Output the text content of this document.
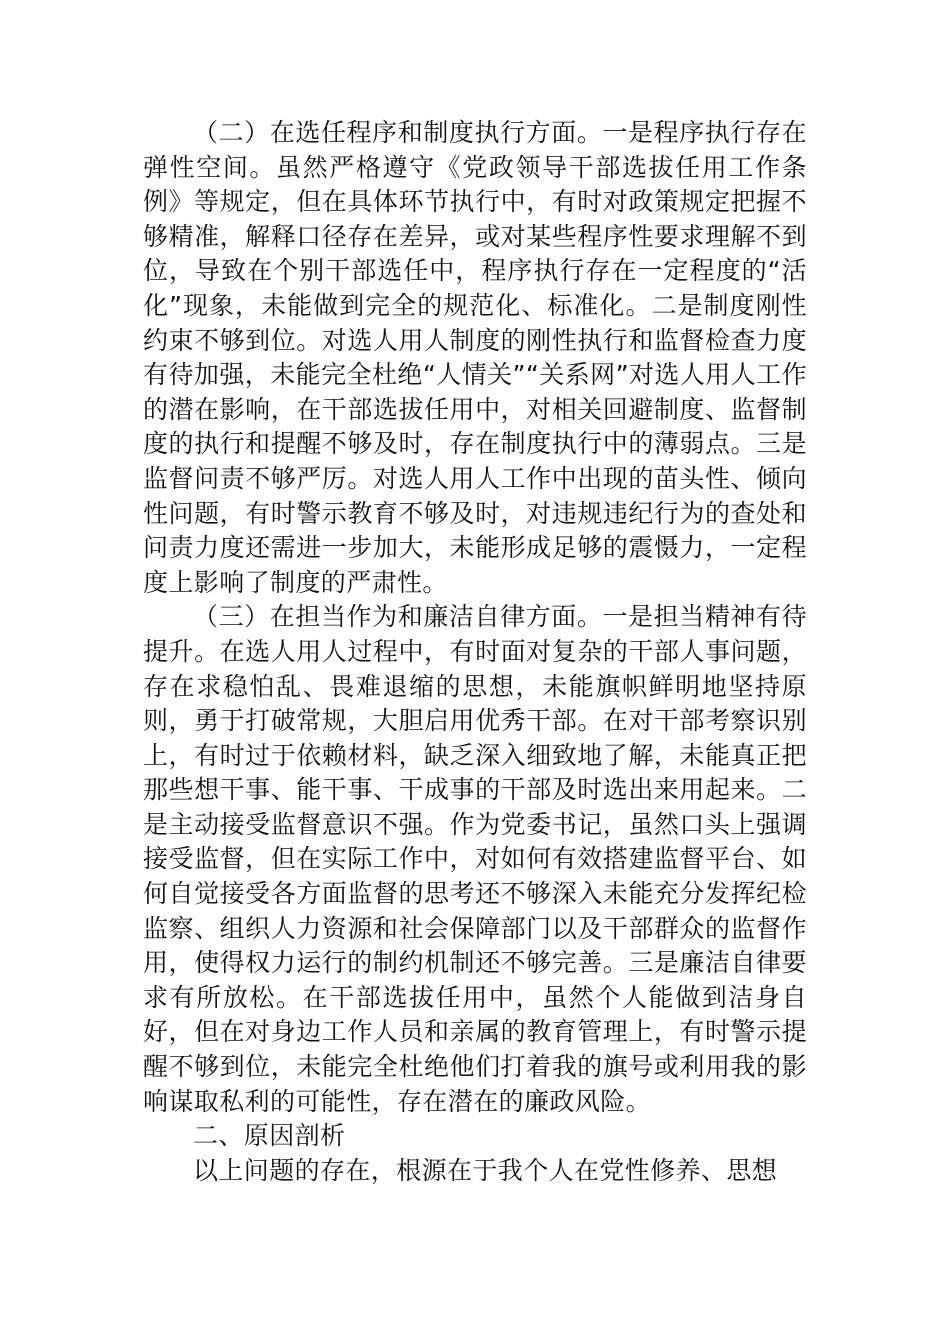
（二）在选任程序和制度执行方面。一是程序执行存在弹性空间。虽然严格遵守《党政领导干部选拔任用工作条例》等规定，但在具体环节执行中，有时对政策规定把握不够精准，解释口径存在差异，或对某些程序性要求理解不到位，导致在个别干部选任中，程序执行存在一定程度的“活化”现象，未能做到完全的规范化、标准化。二是制度刚性约束不够到位。对选人用人制度的刚性执行和监督检查力度有待加强，未能完全杜绝“人情关”“关系网”对选人用人工作的潜在影响，在干部选拔任用中，对相关回避制度、监督制度的执行和提醒不够及时，存在制度执行中的薄弱点。三是监督问责不够严厉。对选人用人工作中出现的苗头性、倾向性问题，有时警示教育不够及时，对违规违纪行为的查处和问责力度还需进一步加大，未能形成足够的震慑力，一定程度上影响了制度的严肃性。

（三）在担当作为和廉洁自律方面。一是担当精神有待提升。在选人用人过程中，有时面对复杂的干部人事问题，存在求稳怕乱、畏难退缩的思想，未能旗帜鲜明地坚持原则，勇于打破常规，大胆启用优秀干部。在对干部考察识别上，有时过于依赖材料，缺乏深入细致地了解，未能真正把那些想干事、能干事、干成事的干部及时选出来用起来。二是主动接受监督意识不强。作为党委书记，虽然口头上强调接受监督，但在实际工作中，对如何有效搭建监督平台、如何自觉接受各方面监督的思考还不够深入未能充分发挥纪检监察、组织人力资源和社会保障部门以及干部群众的监督作用，使得权力运行的制约机制还不够完善。三是廉洁自律要求有所放松。在干部选拔任用中，虽然个人能做到洁身自好，但在对身边工作人员和亲属的教育管理上，有时警示提醒不够到位，未能完全杜绝他们打着我的旗号或利用我的影响谋取私利的可能性，存在潜在的廉政风险。

二、原因剖析

以上问题的存在，根源在于我个人在党性修养、思想
